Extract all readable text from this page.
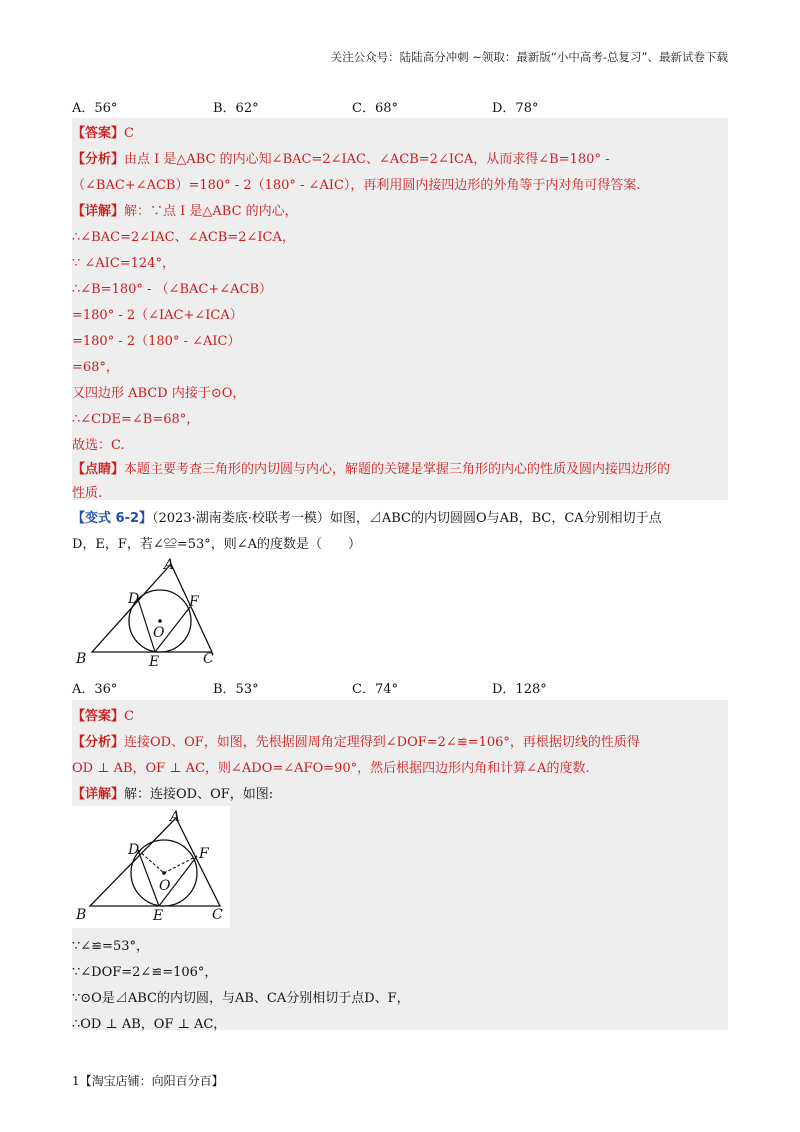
关注公众号：陆陆高分冲刺 ~领取：最新版“小中高考-总复习”、最新试卷下载
A．56°	B．62°	C．68°	D．78°
【答案】C
【分析】由点 I 是△ABC 的内心知∠BAC=2∠IAC、∠ACB=2∠ICA，从而求得∠B=180° -
（∠BAC+∠ACB）=180° - 2（180° - ∠AIC），再利用圆内接四边形的外角等于内对角可得答案.
【详解】解：∵点 I 是△ABC 的内心，
∴∠BAC=2∠IAC、∠ACB=2∠ICA，
∵ ∠AIC=124°，
∴∠B=180° - （∠BAC+∠ACB）
=180° - 2（∠IAC+∠ICA）
=180° - 2（180° - ∠AIC）
=68°，
又四边形 ABCD 内接于⊙O，
∴∠CDE=∠B=68°，
故选：C.
【点睛】本题主要考查三角形的内切圆与内心，解题的关键是掌握三角形的内心的性质及圆内接四边形的
性质.
【变式 6-2】（2023·湖南娄底·校联考一模）如图，⊿ABC的内切圆圆O与AB，BC，CA分别相切于点
D，E，F，若∠≌=53°，则∠A的度数是（　　）
A
B	C
D
E
F
O
A．36°	B．53°	C．74°	D．128°
【答案】C
【分析】连接OD、OF，如图，先根据圆周角定理得到∠DOF=2∠≌=106°，再根据切线的性质得
OD ⊥ AB，OF ⊥ AC，则∠ADO=∠AFO=90°，然后根据四边形内角和计算∠A的度数.
【详解】解：连接OD、OF，如图:
A
B	C
D
E
F
O
∵∠≌=53°，
∵∠DOF=2∠≌=106°，
∵⊙O是⊿ABC的内切圆，与AB、CA分别相切于点D、F，
∴OD ⊥ AB，OF ⊥ AC，
1【淘宝店铺：向阳百分百】
